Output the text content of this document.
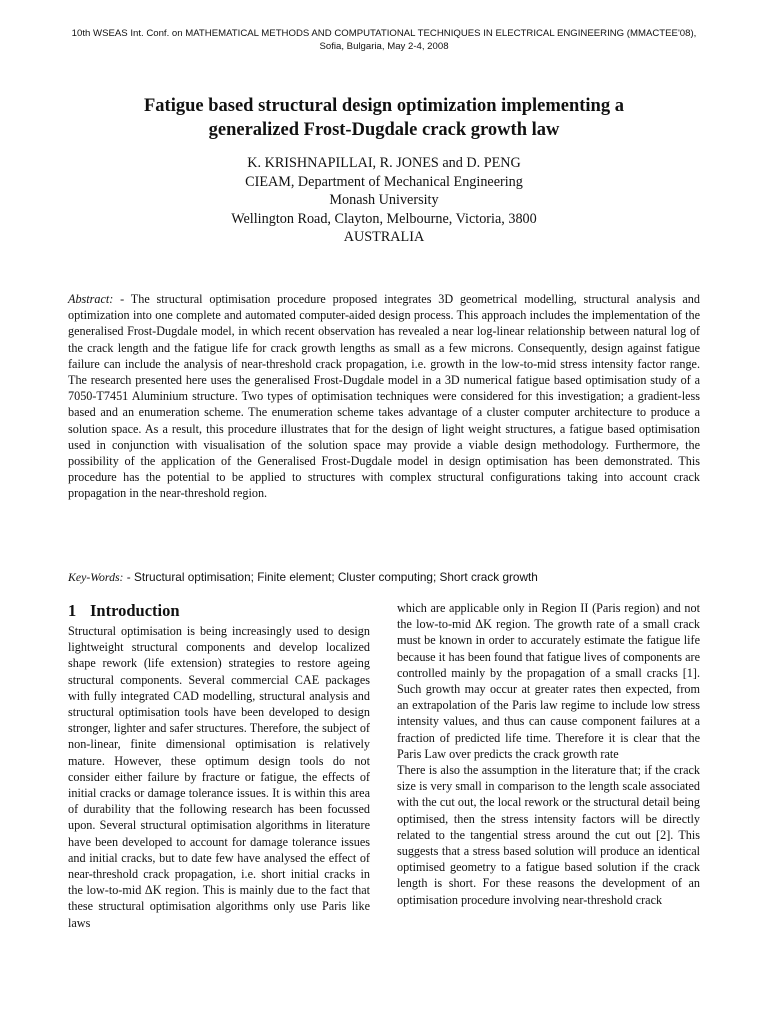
10th WSEAS Int. Conf. on MATHEMATICAL METHODS AND COMPUTATIONAL TECHNIQUES IN ELECTRICAL ENGINEERING (MMACTEE'08),
Sofia, Bulgaria, May 2-4, 2008
Fatigue based structural design optimization implementing a
generalized Frost-Dugdale crack growth law
K. KRISHNAPILLAI, R. JONES and D. PENG
CIEAM, Department of Mechanical Engineering
Monash University
Wellington Road, Clayton, Melbourne, Victoria, 3800
AUSTRALIA
Abstract: - The structural optimisation procedure proposed integrates 3D geometrical modelling, structural analysis and optimization into one complete and automated computer-aided design process. This approach includes the implementation of the generalised Frost-Dugdale model, in which recent observation has revealed a near log-linear relationship between natural log of the crack length and the fatigue life for crack growth lengths as small as a few microns. Consequently, design against fatigue failure can include the analysis of near-threshold crack propagation, i.e. growth in the low-to-mid stress intensity factor range. The research presented here uses the generalised Frost-Dugdale model in a 3D numerical fatigue based optimisation study of a 7050-T7451 Aluminium structure. Two types of optimisation techniques were considered for this investigation; a gradient-less based and an enumeration scheme. The enumeration scheme takes advantage of a cluster computer architecture to produce a solution space. As a result, this procedure illustrates that for the design of light weight structures, a fatigue based optimisation used in conjunction with visualisation of the solution space may provide a viable design methodology. Furthermore, the possibility of the application of the Generalised Frost-Dugdale model in design optimisation has been demonstrated. This procedure has the potential to be applied to structures with complex structural configurations taking into account crack propagation in the near-threshold region.
Key-Words: - Structural optimisation; Finite element; Cluster computing; Short crack growth
1 Introduction

Structural optimisation is being increasingly used to design lightweight structural components and develop localized shape rework (life extension) strategies to restore ageing structural components. Several commercial CAE packages with fully integrated CAD modelling, structural analysis and structural optimisation tools have been developed to design stronger, lighter and safer structures. Therefore, the subject of non-linear, finite dimensional optimisation is relatively mature. However, these optimum design tools do not consider either failure by fracture or fatigue, the effects of initial cracks or damage tolerance issues. It is within this area of durability that the following research has been focussed upon. Several structural optimisation algorithms in literature have been developed to account for damage tolerance issues and initial cracks, but to date few have analysed the effect of near-threshold crack propagation, i.e. short initial cracks in the low-to-mid ΔK region. This is mainly due to the fact that these structural optimisation algorithms only use Paris like laws

which are applicable only in Region II (Paris region) and not the low-to-mid ΔK region. The growth rate of a small crack must be known in order to accurately estimate the fatigue life because it has been found that fatigue lives of components are controlled mainly by the propagation of a small cracks [1]. Such growth may occur at greater rates then expected, from an extrapolation of the Paris law regime to include low stress intensity values, and thus can cause component failures at a fraction of predicted life time. Therefore it is clear that the Paris Law over predicts the crack growth rate

There is also the assumption in the literature that; if the crack size is very small in comparison to the length scale associated with the cut out, the local rework or the structural detail being optimised, then the stress intensity factors will be directly related to the tangential stress around the cut out [2]. This suggests that a stress based solution will produce an identical optimised geometry to a fatigue based solution if the crack length is short. For these reasons the development of an optimisation procedure involving near-threshold crack
